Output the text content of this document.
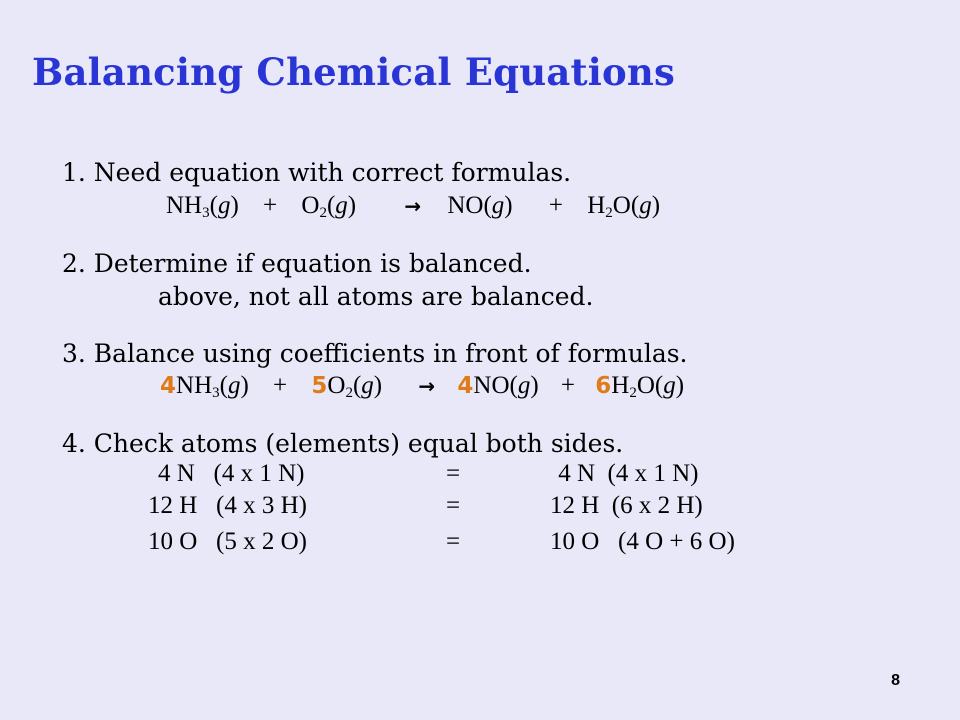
Balancing Chemical Equations
1. Need equation with correct formulas.
$NH_3(g) + O_2(g) \to NO(g) + H_2O(g)$
2. Determine if equation is balanced.
above, not all atoms are balanced.
3. Balance using coefficients in front of formulas.
$4NH_3(g) + 5O_2(g) \to 4NO(g) + 6H_2O(g)$
4. Check atoms (elements) equal both sides.
4 N   (4 x 1 N)	=	4 N  (4 x 1 N)
12 H   (4 x 3 H)	=	12 H  (6 x 2 H)
10 O   (5 x 2 O)	=	10 O   (4 O + 6 O)
8
